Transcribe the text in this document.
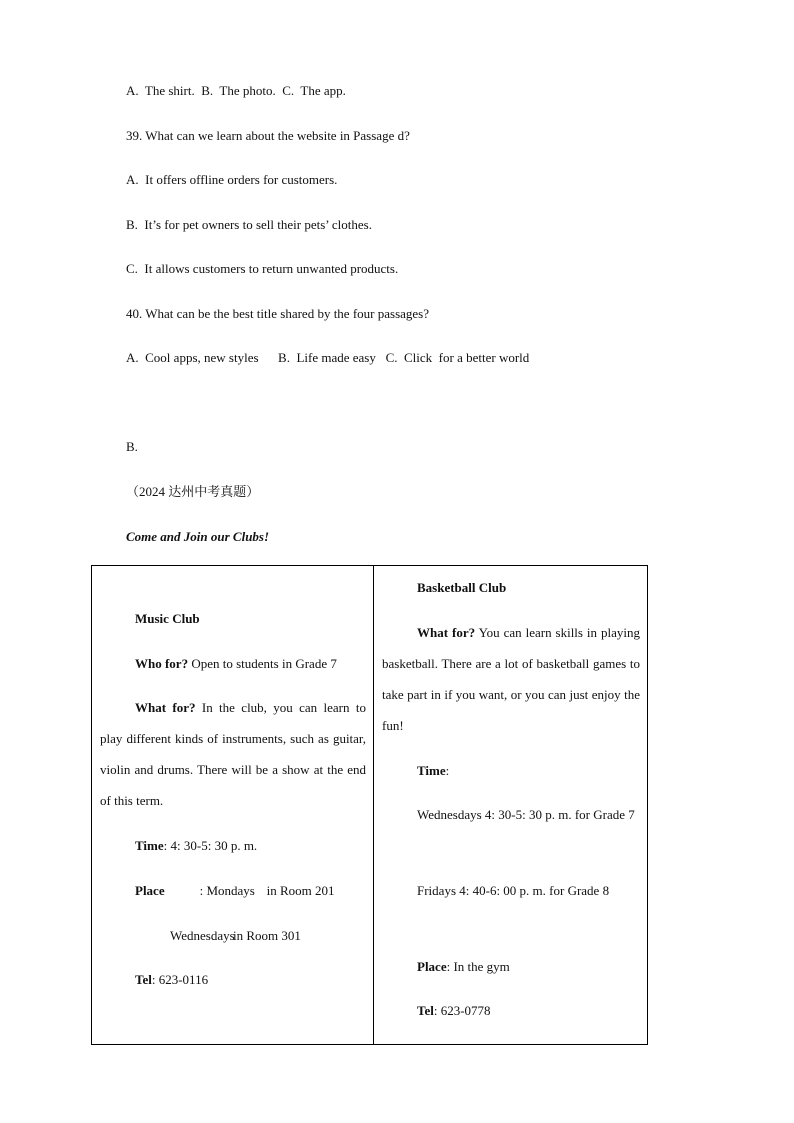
A.  The shirt.  B.  The photo.  C.  The app.
39. What can we learn about the website in Passage d?
A.  It offers offline orders for customers.
B.  It’s for pet owners to sell their pets’ clothes.
C.  It allows customers to return unwanted products.
40. What can be the best title shared by the four passages?
A.  Cool apps, new styles      B.  Life made easy   C.  Click  for a better world
B.
（2024 达州中考真题）
Come and Join our Clubs!
Music Club
Who for? Open to students in Grade 7
What for? In the club, you can learn to play different kinds of instruments, such as guitar, violin and drums. There will be a show at the end of this term.
Time: 4: 30-5: 30 p. m.
Place	: Mondays in Room 201
Wednesdaysin Room 301
Tel: 623-0116

Basketball Club
What for? You can learn skills in playing basketball. There are a lot of basketball games to take part in if you want, or you can just enjoy the fun!
Time:
Wednesdays 4: 30-5: 30 p. m. for Grade 7
Fridays 4: 40-6: 00 p. m. for Grade 8
Place: In the gym
Tel: 623-0778
